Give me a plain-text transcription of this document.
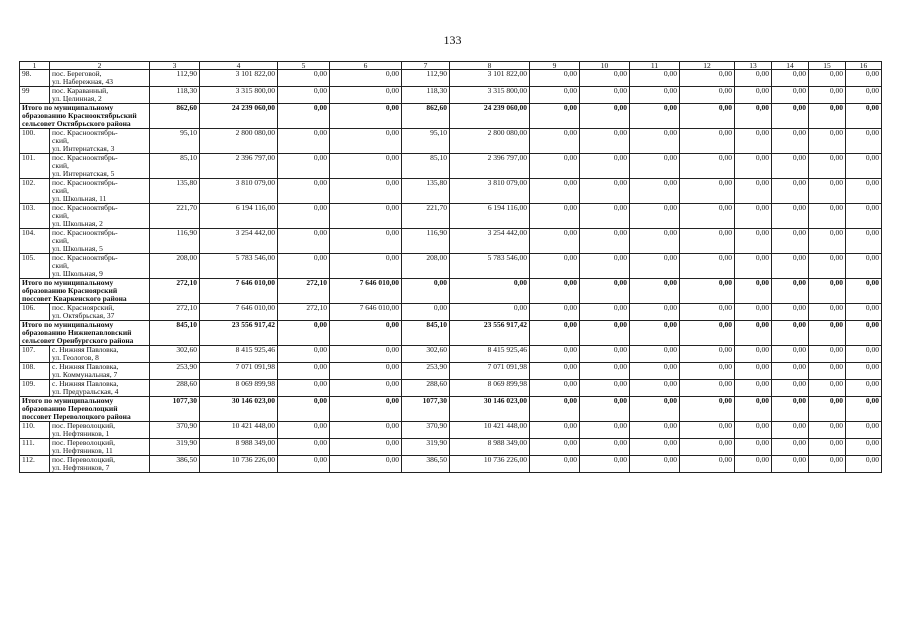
133
1	2	3	4	5	6	7	8	9	10	11	12	13	14	15	16
98.	пос. Береговой,
ул. Набережная, 43	112,90	3 101 822,00	0,00	0,00	112,90	3 101 822,00	0,00	0,00	0,00	0,00	0,00	0,00	0,00	0,00
99	пос. Караванный,
ул. Целинная, 2	118,30	3 315 800,00	0,00	0,00	118,30	3 315 800,00	0,00	0,00	0,00	0,00	0,00	0,00	0,00	0,00
Итого по муниципальному образованию Краснооктябрьский сельсовет Октябрьского района		862,60	24 239 060,00	0,00	0,00	862,60	24 239 060,00	0,00	0,00	0,00	0,00	0,00	0,00	0,00	0,00
100.	пос. Краснооктябрь-
ский,
ул. Интернатская, 3	95,10	2 800 080,00	0,00	0,00	95,10	2 800 080,00	0,00	0,00	0,00	0,00	0,00	0,00	0,00	0,00
101.	пос. Краснооктябрь-
ский,
ул. Интернатская, 5	85,10	2 396 797,00	0,00	0,00	85,10	2 396 797,00	0,00	0,00	0,00	0,00	0,00	0,00	0,00	0,00
102.	пос. Краснооктябрь-
ский,
ул. Школьная, 11	135,80	3 810 079,00	0,00	0,00	135,80	3 810 079,00	0,00	0,00	0,00	0,00	0,00	0,00	0,00	0,00
103.	пос. Краснооктябрь-
ский,
ул. Школьная, 2	221,70	6 194 116,00	0,00	0,00	221,70	6 194 116,00	0,00	0,00	0,00	0,00	0,00	0,00	0,00	0,00
104.	пос. Краснооктябрь-
ский,
ул. Школьная, 5	116,90	3 254 442,00	0,00	0,00	116,90	3 254 442,00	0,00	0,00	0,00	0,00	0,00	0,00	0,00	0,00
105.	пос. Краснооктябрь-
ский,
ул. Школьная, 9	208,00	5 783 546,00	0,00	0,00	208,00	5 783 546,00	0,00	0,00	0,00	0,00	0,00	0,00	0,00	0,00
Итого по муниципальному образованию Красноярский поссовет Кваркенского района		272,10	7 646 010,00	272,10	7 646 010,00	0,00	0,00	0,00	0,00	0,00	0,00	0,00	0,00	0,00	0,00
106.	пос. Красноярский,
ул. Октябрьская, 37	272,10	7 646 010,00	272,10	7 646 010,00	0,00	0,00	0,00	0,00	0,00	0,00	0,00	0,00	0,00	0,00
Итого по муниципальному образованию Нижнепавловский сельсовет Оренбургского района		845,10	23 556 917,42	0,00	0,00	845,10	23 556 917,42	0,00	0,00	0,00	0,00	0,00	0,00	0,00	0,00
107.	с. Нижняя Павловка,
ул. Геологов, 8	302,60	8 415 925,46	0,00	0,00	302,60	8 415 925,46	0,00	0,00	0,00	0,00	0,00	0,00	0,00	0,00
108.	с. Нижняя Павловка,
ул. Коммунальная, 7	253,90	7 071 091,98	0,00	0,00	253,90	7 071 091,98	0,00	0,00	0,00	0,00	0,00	0,00	0,00	0,00
109.	с. Нижняя Павловка,
ул. Предуральская, 4	288,60	8 069 899,98	0,00	0,00	288,60	8 069 899,98	0,00	0,00	0,00	0,00	0,00	0,00	0,00	0,00
Итого по муниципальному образованию Переволоцкий поссовет Переволоцкого района		1077,30	30 146 023,00	0,00	0,00	1077,30	30 146 023,00	0,00	0,00	0,00	0,00	0,00	0,00	0,00	0,00
110.	пос. Переволоцкий,
ул. Нефтяников, 1	370,90	10 421 448,00	0,00	0,00	370,90	10 421 448,00	0,00	0,00	0,00	0,00	0,00	0,00	0,00	0,00
111.	пос. Переволоцкий,
ул. Нефтяников, 11	319,90	8 988 349,00	0,00	0,00	319,90	8 988 349,00	0,00	0,00	0,00	0,00	0,00	0,00	0,00	0,00
112.	пос. Переволоцкий,
ул. Нефтяников, 7	386,50	10 736 226,00	0,00	0,00	386,50	10 736 226,00	0,00	0,00	0,00	0,00	0,00	0,00	0,00	0,00
